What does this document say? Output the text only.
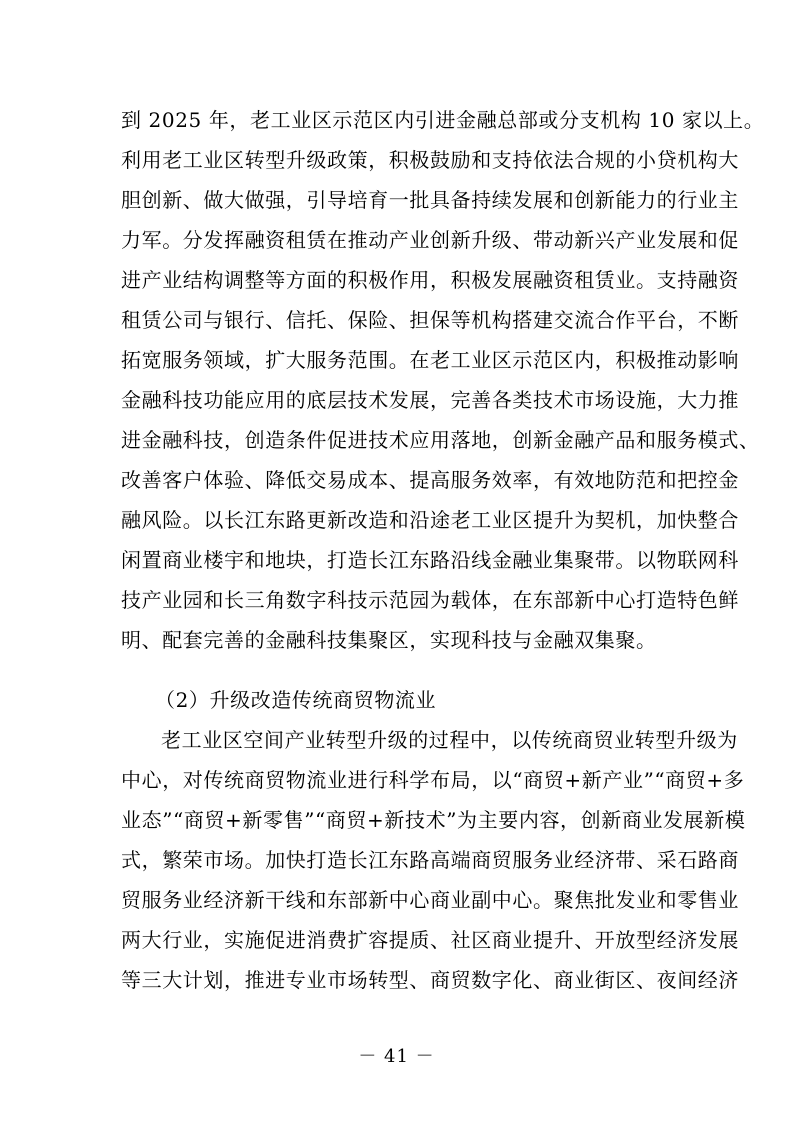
到 2025 年，老工业区示范区内引进金融总部或分支机构 10 家以上。
利用老工业区转型升级政策，积极鼓励和支持依法合规的小贷机构大
胆创新、做大做强，引导培育一批具备持续发展和创新能力的行业主
力军。分发挥融资租赁在推动产业创新升级、带动新兴产业发展和促
进产业结构调整等方面的积极作用，积极发展融资租赁业。支持融资
租赁公司与银行、信托、保险、担保等机构搭建交流合作平台，不断
拓宽服务领域，扩大服务范围。在老工业区示范区内，积极推动影响
金融科技功能应用的底层技术发展，完善各类技术市场设施，大力推
进金融科技，创造条件促进技术应用落地，创新金融产品和服务模式、
改善客户体验、降低交易成本、提高服务效率，有效地防范和把控金
融风险。以长江东路更新改造和沿途老工业区提升为契机，加快整合
闲置商业楼宇和地块，打造长江东路沿线金融业集聚带。以物联网科
技产业园和长三角数字科技示范园为载体，在东部新中心打造特色鲜
明、配套完善的金融科技集聚区，实现科技与金融双集聚。
（2）升级改造传统商贸物流业
老工业区空间产业转型升级的过程中，以传统商贸业转型升级为
中心，对传统商贸物流业进行科学布局，以“商贸+新产业”“商贸+多
业态”“商贸+新零售”“商贸+新技术”为主要内容，创新商业发展新模
式，繁荣市场。加快打造长江东路高端商贸服务业经济带、采石路商
贸服务业经济新干线和东部新中心商业副中心。聚焦批发业和零售业
两大行业，实施促进消费扩容提质、社区商业提升、开放型经济发展
等三大计划，推进专业市场转型、商贸数字化、商业街区、夜间经济
－ 41 －
